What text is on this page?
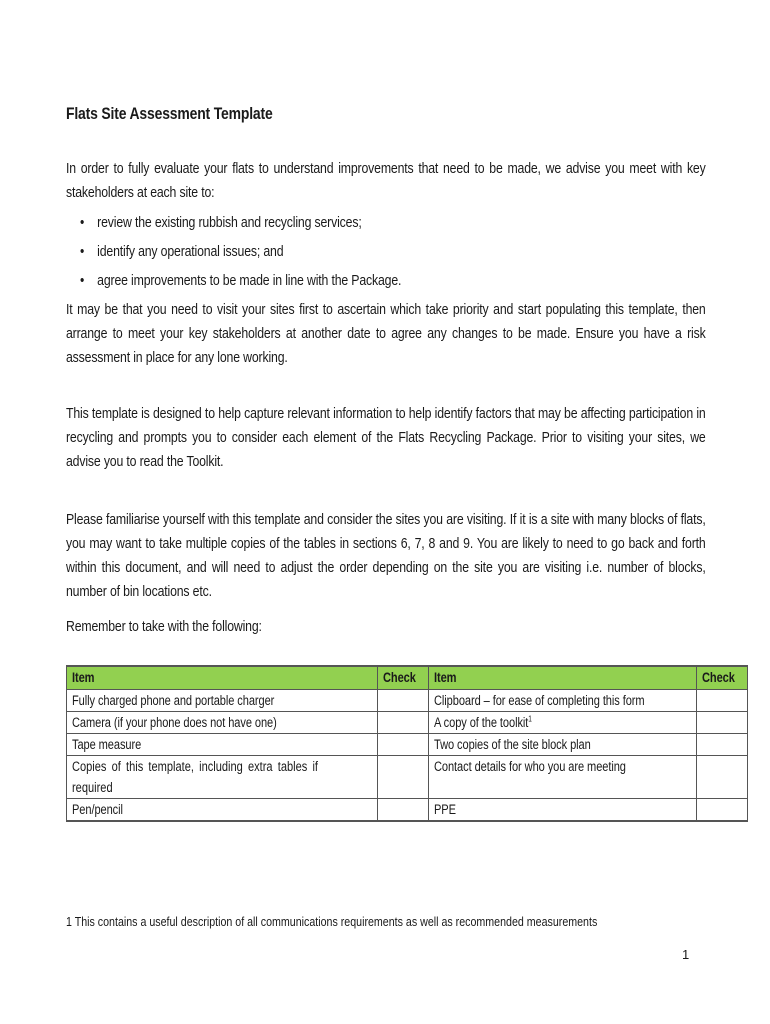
Flats Site Assessment Template

In order to fully evaluate your flats to understand improvements that need to be made, we advise you meet with key stakeholders at each site to:

• review the existing rubbish and recycling services;
• identify any operational issues; and
• agree improvements to be made in line with the Package.

It may be that you need to visit your sites first to ascertain which take priority and start populating this template, then arrange to meet your key stakeholders at another date to agree any changes to be made. Ensure you have a risk assessment in place for any lone working.

This template is designed to help capture relevant information to help identify factors that may be affecting participation in recycling and prompts you to consider each element of the Flats Recycling Package. Prior to visiting your sites, we advise you to read the Toolkit.

Please familiarise yourself with this template and consider the sites you are visiting. If it is a site with many blocks of flats, you may want to take multiple copies of the tables in sections 6, 7, 8 and 9. You are likely to need to go back and forth within this document, and will need to adjust the order depending on the site you are visiting i.e. number of blocks, number of bin locations etc.

Remember to take with the following:

Item	Check	Item	Check

Fully charged phone and portable charger		Clipboard – for ease of completing this form	

Camera (if your phone does not have one)		A copy of the toolkit$^1$

Tape measure		Two copies of the site block plan	

Copies of this template, including extra tables if required		Contact details for who you are meeting	

Pen/pencil		PPE	

1 This contains a useful description of all communications requirements as well as recommended measurements
1
